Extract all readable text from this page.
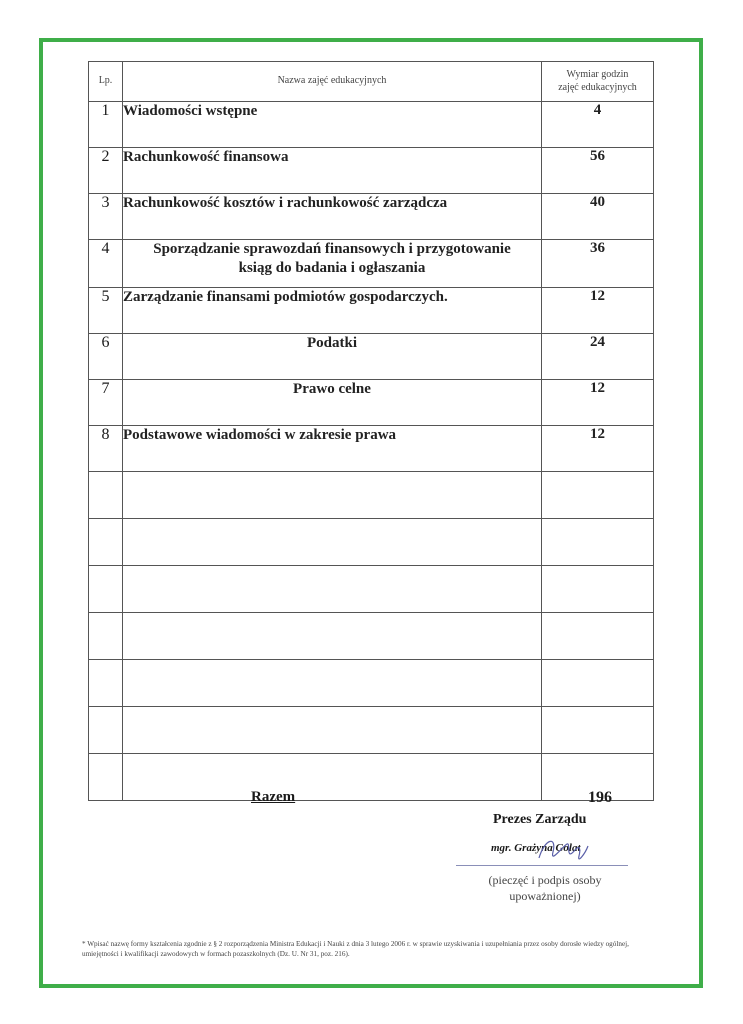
Lp.	Nazwa zajęć edukacyjnych	Wymiar godzin
zajęć edukacyjnych
1	Wiadomości wstępne	4
2	Rachunkowość finansowa	56
3	Rachunkowość kosztów i rachunkowość zarządcza	40
4	Sporządzanie sprawozdań finansowych i przygotowanie
ksiąg do badania i ogłaszania	36
5	Zarządzanie finansami podmiotów gospodarczych.	12
6	Podatki	24
7	Prawo celne	12
8	Podstawowe wiadomości w zakresie prawa	12

Razem	196
Prezes Zarządu
mgr. Grażyna Golat
(pieczęć i podpis osoby
upoważnionej)
* Wpisać nazwę formy kształcenia zgodnie z § 2 rozporządzenia Ministra Edukacji i Nauki z dnia 3 lutego 2006 r. w sprawie uzyskiwania i uzupełniania przez osoby dorosłe wiedzy ogólnej, umiejętności i kwalifikacji zawodowych w formach pozaszkolnych (Dz. U. Nr 31, poz. 216).
